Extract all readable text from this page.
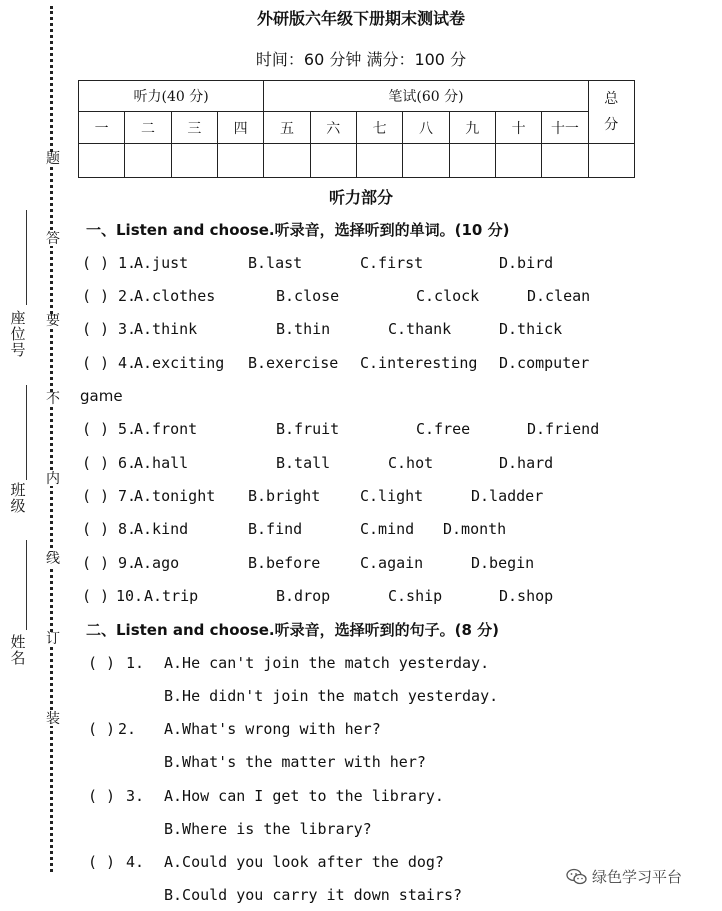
题
答
要
不
内
线
订
装
座位号
班级
姓名
外研版六年级下册期末测试卷
时间：60 分钟 满分：100 分
听力(40 分)				笔试(60 分)							总
分
一	二	三	四	五	六	七	八	九	十	十一	

听力部分
一、Listen and choose.听录音，选择听到的单词。(10 分)
( ) 1.
A.just	B.last	C.first	D.bird
( ) 2.
A.clothes	B.close	C.clock	D.clean
( ) 3.
A.think	B.thin	C.thank	D.thick
( ) 4.
A.exciting B.exercise C.interesting D.computer
game
( ) 5.
A.front	B.fruit	C.free	D.friend
( ) 6.
A.hall	B.tall	C.hot	D.hard
( ) 7.
A.tonight B.bright	C.light	D.ladder
( ) 8.
A.kind	B.find	C.mind D.month
( ) 9.
A.ago	B.before	C.again	D.begin
( ) 10. A.trip	B.drop	C.ship	D.shop
二、Listen and choose.听录音，选择听到的句子。(8 分)
( ) 1. A.He can't join the match yesterday.
B.He didn't join the match yesterday.
( ) 2. A.What's wrong with her?
B.What's the matter with her?
( ) 3. A.How can I get to the library.
B.Where is the library?
( ) 4. A.Could you look after the dog?
B.Could you carry it down stairs?
绿色学习平台
